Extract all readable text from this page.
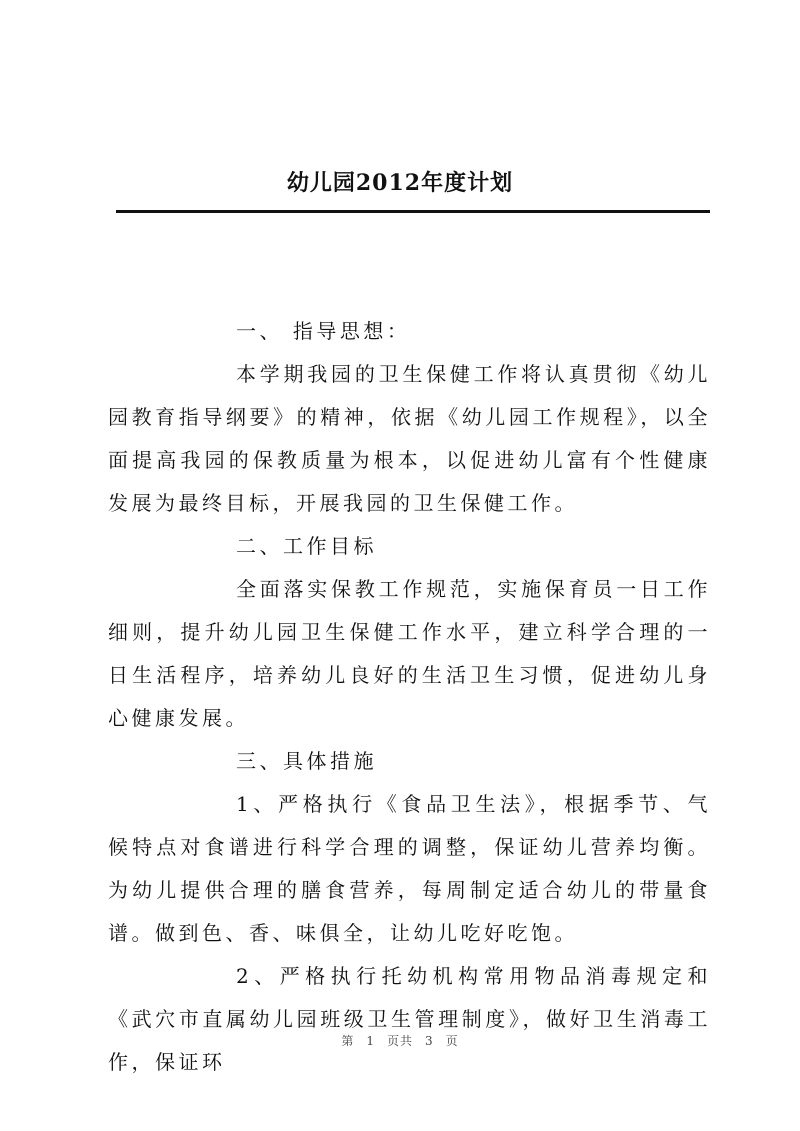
幼儿园2012年度计划

一、 指导思想：

本学期我园的卫生保健工作将认真贯彻《幼儿园教育指导纲要》的精神，依据《幼儿园工作规程》，以全面提高我园的保教质量为根本，以促进幼儿富有个性健康发展为最终目标，开展我园的卫生保健工作。

二、工作目标

全面落实保教工作规范，实施保育员一日工作细则，提升幼儿园卫生保健工作水平，建立科学合理的一日生活程序，培养幼儿良好的生活卫生习惯，促进幼儿身心健康发展。

三、具体措施

1、严格执行《食品卫生法》，根据季节、气候特点对食谱进行科学合理的调整，保证幼儿营养均衡。为幼儿提供合理的膳食营养，每周制定适合幼儿的带量食谱。做到色、香、味俱全，让幼儿吃好吃饱。

2、严格执行托幼机构常用物品消毒规定和《武穴市直属幼儿园班级卫生管理制度》，做好卫生消毒工作，保证环

第 1 页共 3 页
